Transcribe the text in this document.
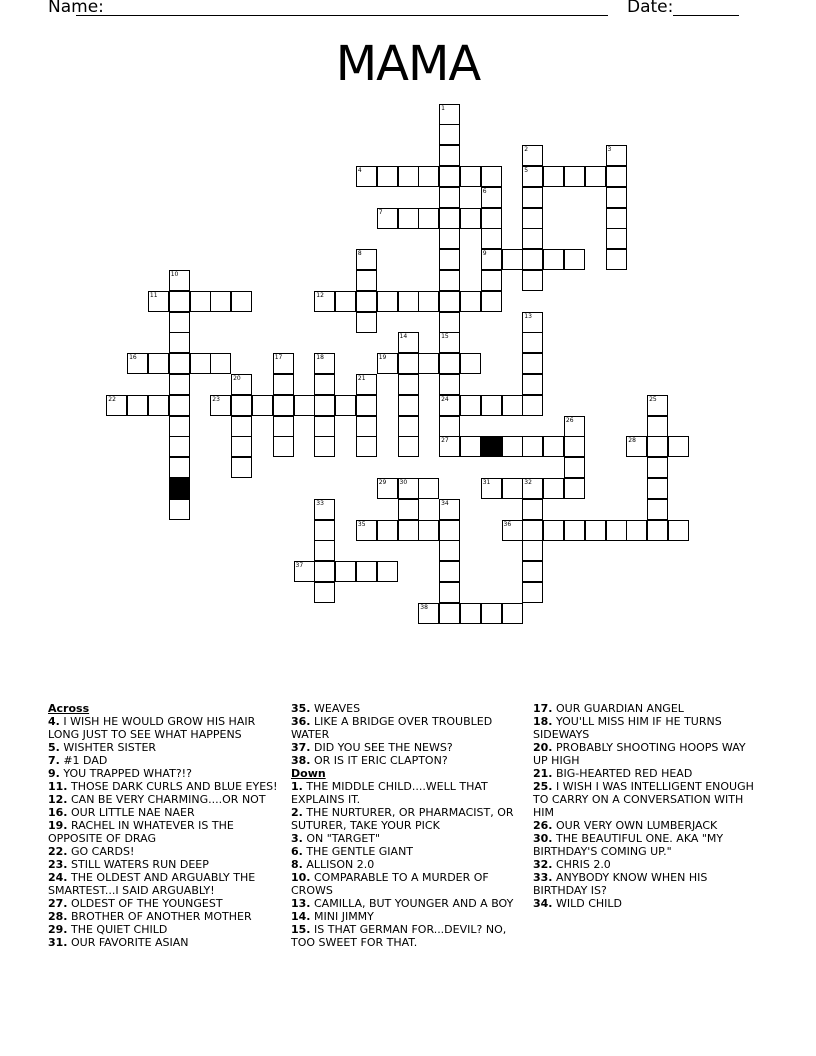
Name:	Date:
MAMA
1
2
5
3
4
6
9
7
8
10
11	12
13
14	15
24
16	17	18	19
20	21
22	23	25
26
27	28
29 30	31	32
33	34
35	36
37
38
Across
4. I WISH HE WOULD GROW HIS HAIR LONG JUST TO SEE WHAT HAPPENS
5. WISHTER SISTER
7. #1 DAD
9. YOU TRAPPED WHAT?!?
11. THOSE DARK CURLS AND BLUE EYES!
12. CAN BE VERY CHARMING....OR NOT
16. OUR LITTLE NAE NAER
19. RACHEL IN WHATEVER IS THE OPPOSITE OF DRAG
22. GO CARDS!
23. STILL WATERS RUN DEEP
24. THE OLDEST AND ARGUABLY THE SMARTEST...I SAID ARGUABLY!
27. OLDEST OF THE YOUNGEST
28. BROTHER OF ANOTHER MOTHER
29. THE QUIET CHILD
31. OUR FAVORITE ASIAN
35. WEAVES
36. LIKE A BRIDGE OVER TROUBLED WATER
37. DID YOU SEE THE NEWS?
38. OR IS IT ERIC CLAPTON?
Down
1. THE MIDDLE CHILD....WELL THAT EXPLAINS IT.
2. THE NURTURER, OR PHARMACIST, OR SUTURER, TAKE YOUR PICK
3. ON "TARGET"
6. THE GENTLE GIANT
8. ALLISON 2.0
10. COMPARABLE TO A MURDER OF CROWS
13. CAMILLA, BUT YOUNGER AND A BOY
14. MINI JIMMY
15. IS THAT GERMAN FOR...DEVIL? NO, TOO SWEET FOR THAT.
17. OUR GUARDIAN ANGEL
18. YOU'LL MISS HIM IF HE TURNS SIDEWAYS
20. PROBABLY SHOOTING HOOPS WAY UP HIGH
21. BIG-HEARTED RED HEAD
25. I WISH I WAS INTELLIGENT ENOUGH TO CARRY ON A CONVERSATION WITH HIM
26. OUR VERY OWN LUMBERJACK
30. THE BEAUTIFUL ONE. AKA "MY BIRTHDAY'S COMING UP."
32. CHRIS 2.0
33. ANYBODY KNOW WHEN HIS BIRTHDAY IS?
34. WILD CHILD
